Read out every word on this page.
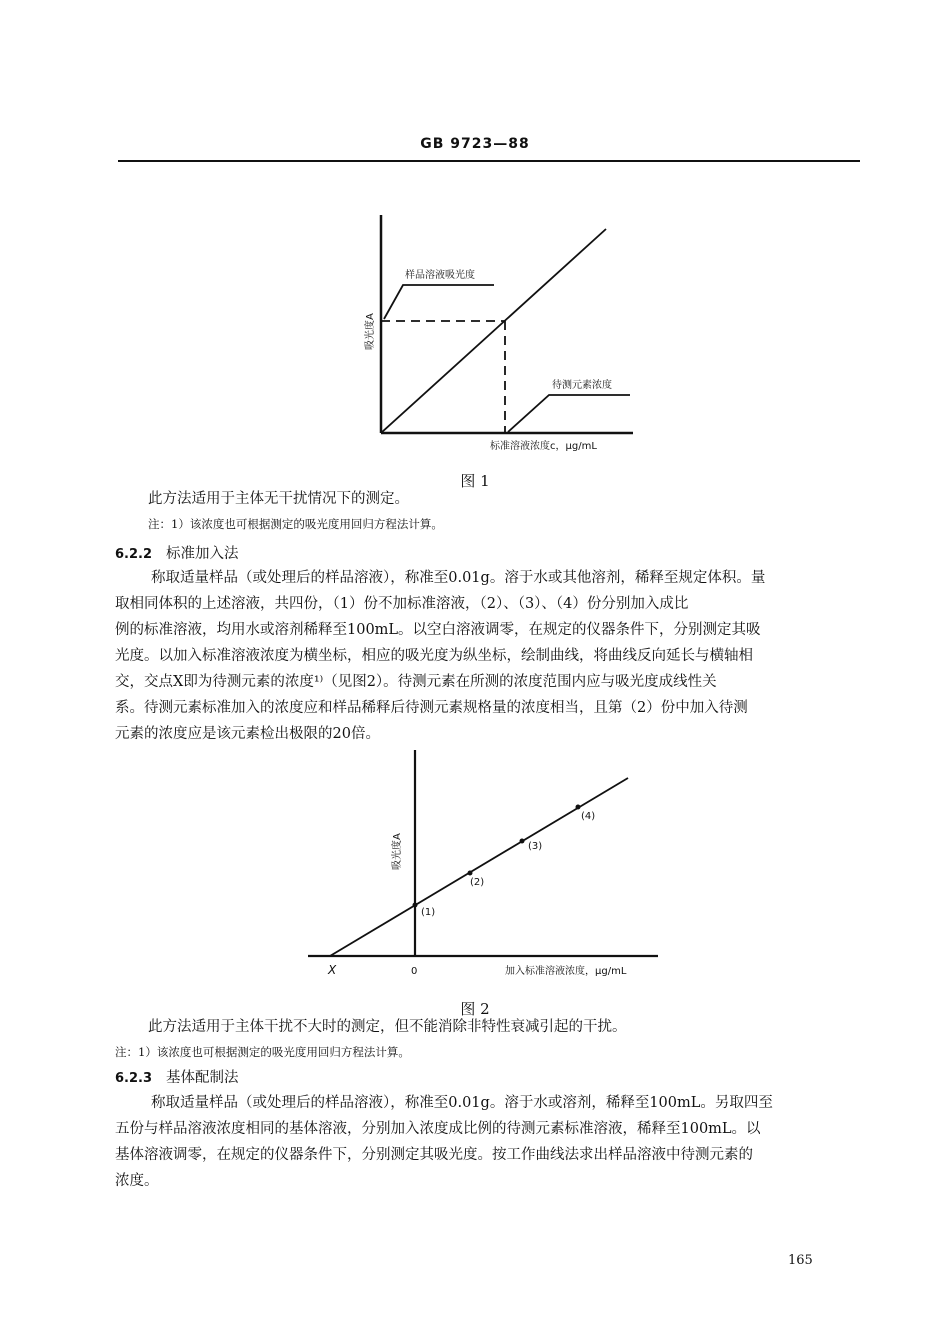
GB 9723—88
样品溶液吸光度
待测元素浓度
吸光度A
标准溶液浓度c，μg/mL
图 1
此方法适用于主体无干扰情况下的测定。
注：1）该浓度也可根据测定的吸光度用回归方程法计算。
6.2.2 标准加入法
称取适量样品（或处理后的样品溶液），称准至0.01g。溶于水或其他溶剂，稀释至规定体积。量
取相同体积的上述溶液，共四份，（1）份不加标准溶液，（2）、（3）、（4）份分别加入成比
例的标准溶液，均用水或溶剂稀释至100mL。以空白溶液调零，在规定的仪器条件下，分别测定其吸
光度。以加入标准溶液浓度为横坐标，相应的吸光度为纵坐标，绘制曲线，将曲线反向延长与横轴相
交，交点X即为待测元素的浓度¹⁾（见图2）。待测元素在所测的浓度范围内应与吸光度成线性关
系。待测元素标准加入的浓度应和样品稀释后待测元素规格量的浓度相当，且第（2）份中加入待测
元素的浓度应是该元素检出极限的20倍。
(1)
(2)
(3)
(4)
吸光度A
加入标准溶液浓度，μg/mL
0
X
图 2
此方法适用于主体干扰不大时的测定，但不能消除非特性衰减引起的干扰。
注：1）该浓度也可根据测定的吸光度用回归方程法计算。
6.2.3 基体配制法
称取适量样品（或处理后的样品溶液），称准至0.01g。溶于水或溶剂，稀释至100mL。另取四至
五份与样品溶液浓度相同的基体溶液，分别加入浓度成比例的待测元素标准溶液，稀释至100mL。以
基体溶液调零，在规定的仪器条件下，分别测定其吸光度。按工作曲线法求出样品溶液中待测元素的
浓度。
165
